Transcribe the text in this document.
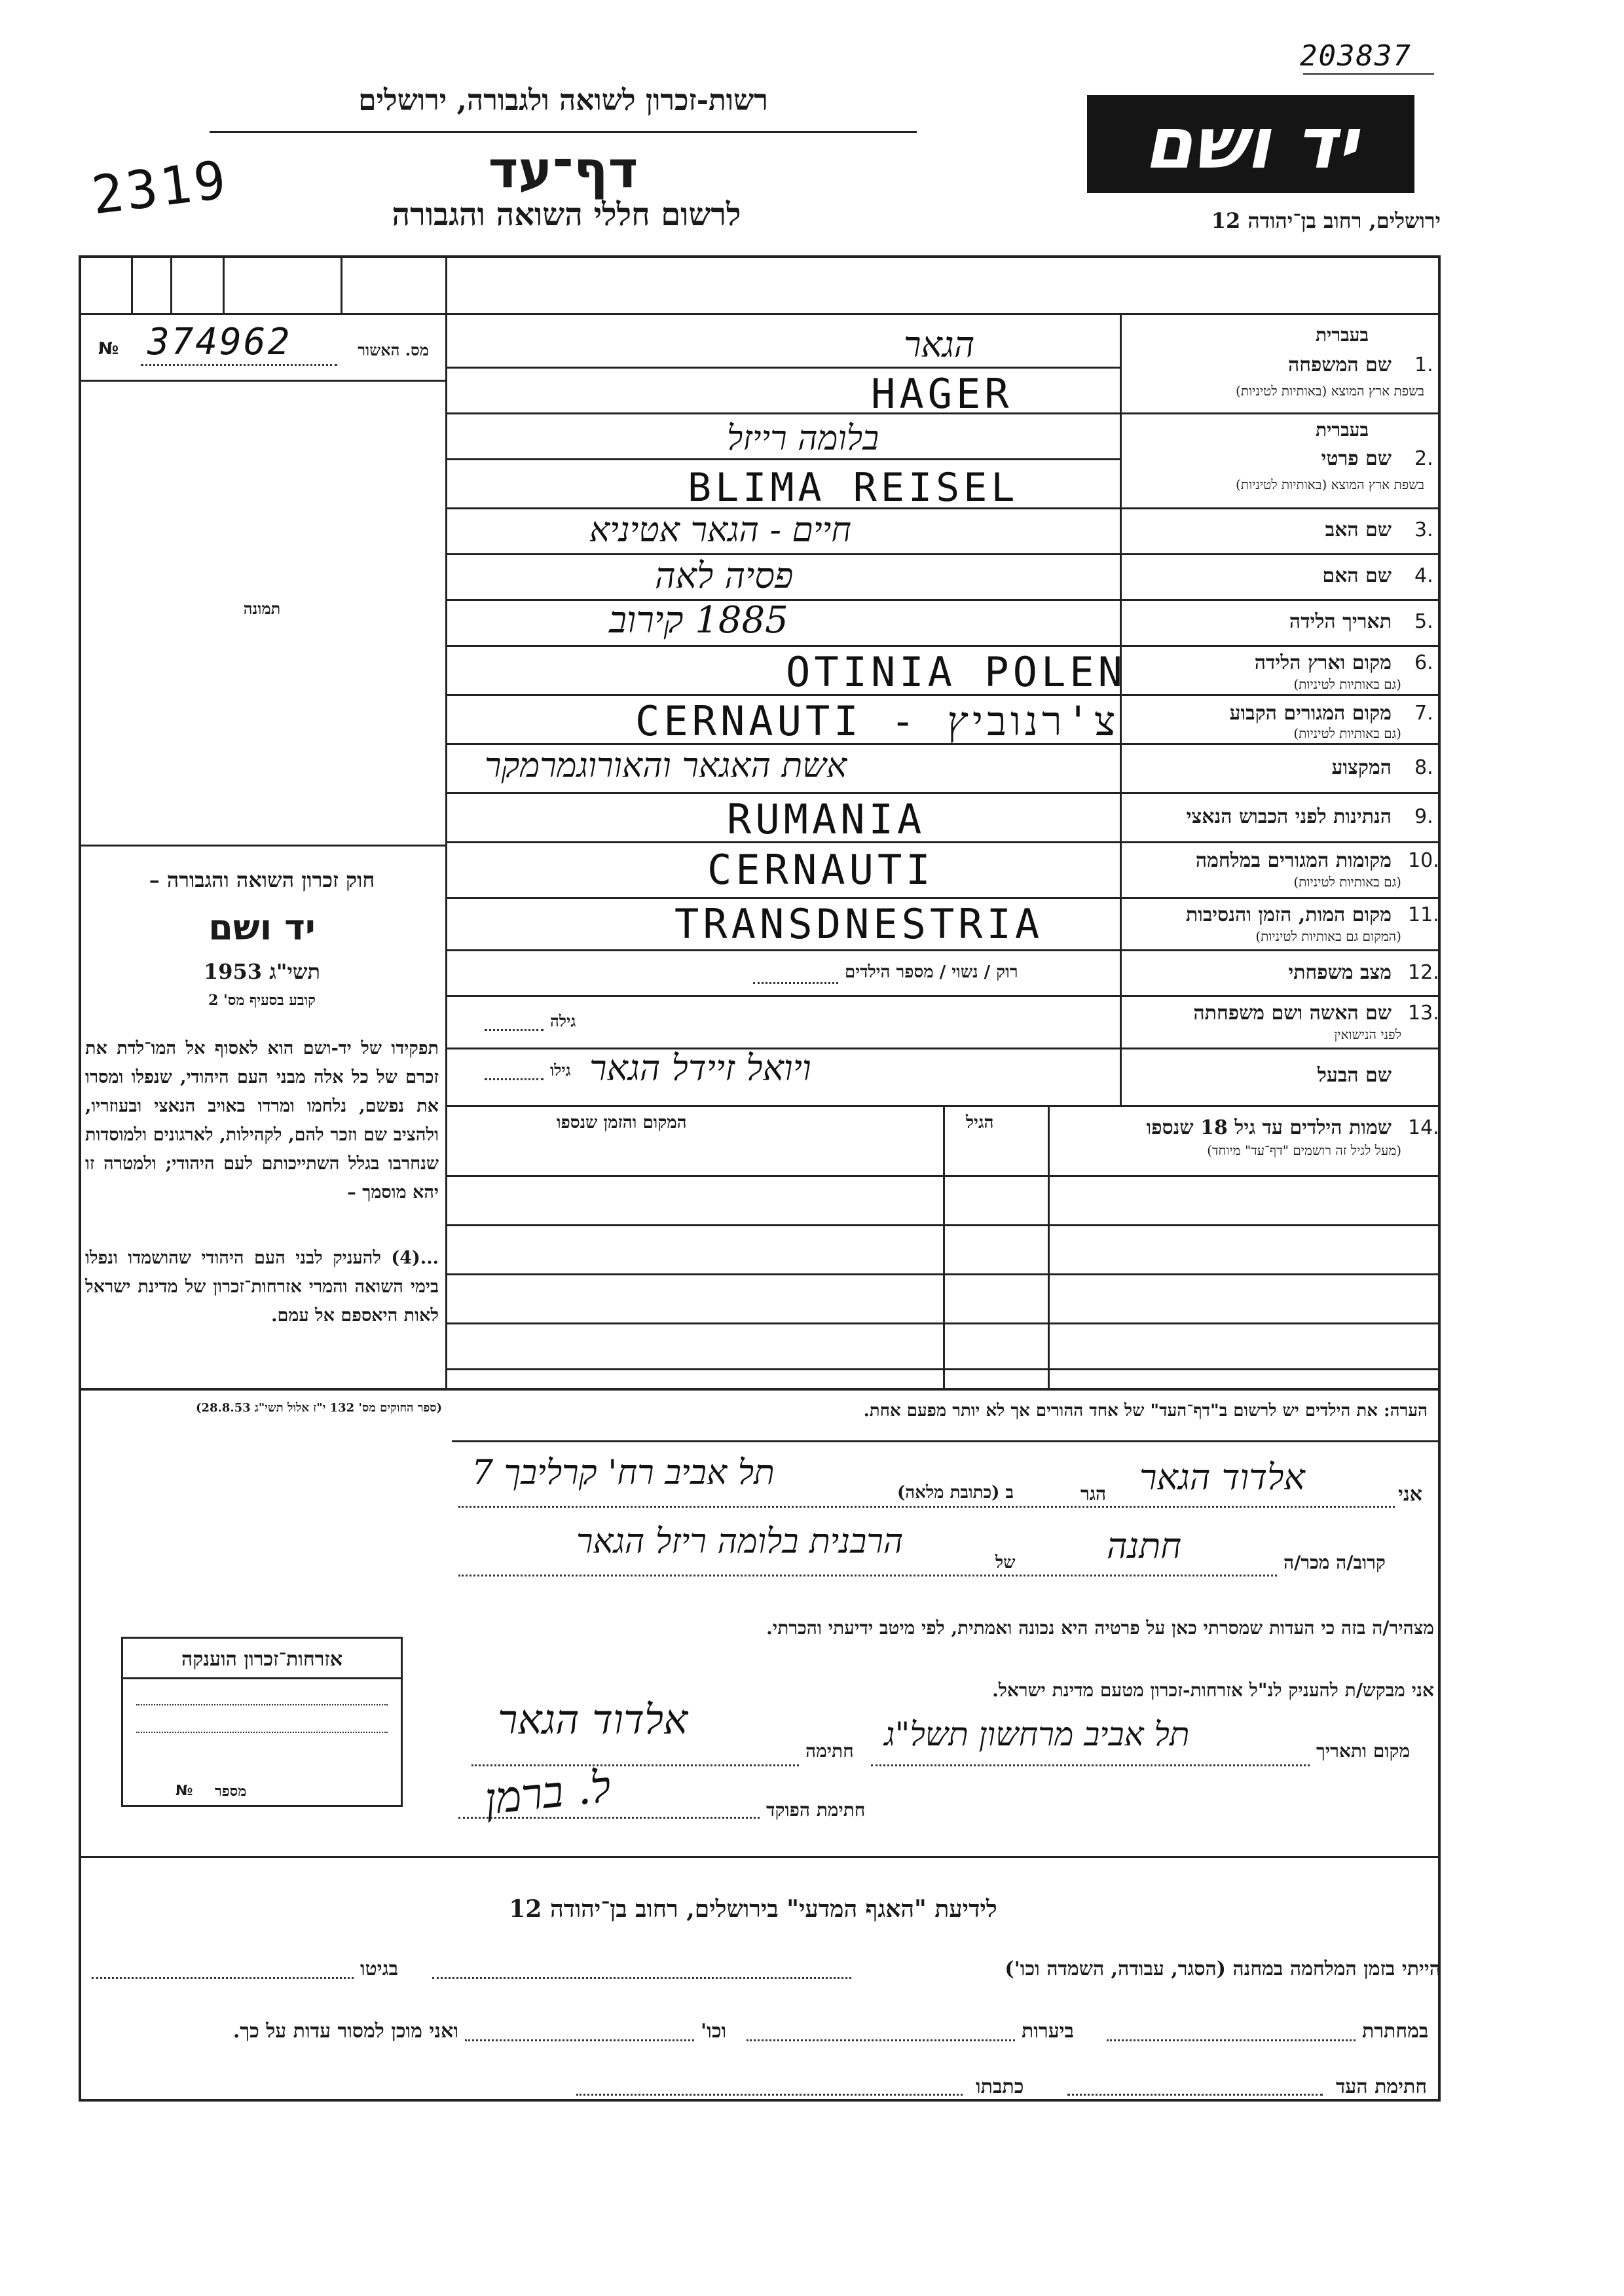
203837
2319
יד ושם
רשות-זכרון לשואה ולגבורה, ירושלים
דף־עד
לרשום חללי השואה והגבורה	ירושלים, רחוב בן־יהודה 12
№ 374962	מס. האשור
תמונה
חוק זכרון השואה והגבורה –
יד ושם
תשי"ג 1953
קובע בסעיף מס' 2
תפקידו של יד-ושם הוא לאסוף אל המו־לדת את זכרם של כל אלה מבני העם היהודי, שנפלו ומסרו את נפשם, נלחמו ומרדו באויב הנאצי ובעוזריו, ולהציב שם וזכר להם, לקהילות, לארגונים ולמוסדות שנחרבו בגלל השתייכותם לעם היהודי; ולמטרה זו יהא מוסמך –
...(4) להעניק לבני העם היהודי שהושמדו ונפלו בימי השואה והמרי אזרחות־זכרון של מדינת ישראל לאות היאספם אל עמם.
(ספר החוקים מס' 132 י"ז אלול תשי"ג 28.8.53)
בעברית
שם המשפחה 1.
בשפת ארץ המוצא (באותיות לטיניות)
הגאר
HAGER
בעברית
שם פרטי 2.
בשפת ארץ המוצא (באותיות לטיניות)
בלומה רייזל
BLIMA REISEL
שם האב 3.
חיים - הגאר אטיניא
שם האם 4.
פסיה לאה
תאריך הלידה 5.
1885 קירוב
מקום וארץ הלידה 6.
(גם באותיות לטיניות)
OTINIA POLEN
מקום המגורים הקבוע 7.
(גם באותיות לטיניות)
CERNAUTI - צ'רנוביץ
המקצוע 8.
אשת האגאר והאורוגמרמקר
הנתינות לפני הכבוש הנאצי 9.
RUMANIA
מקומות המגורים במלחמה 10.
(גם באותיות לטיניות)
CERNAUTI
מקום המות, הזמן והנסיבות 11.
(המקום גם באותיות לטיניות)
TRANSDNESTRIA
מצב משפחתי 12.
רוק / נשוי / מספר הילדים
שם האשה ושם משפחתה 13.
לפני הנישואין
גילה
שם הבעל
גילו ויואל זיידל הגאר
שמות הילדים עד גיל 18 שנספו 14.
(מעל לגיל זה רושמים "דף־עד" מיוחד)
הגיל
המקום והזמן שנספו
הערה: את הילדים יש לרשום ב"דף־העד" של אחד ההורים אך לא יותר מפעם אחת.
אני
אלדוד הגאר
הגר
ב (כתובת מלאה)
תל אביב רח' קרליבך 7
קרוב/ה מכר/ה
חתנה
של
הרבנית בלומה ריזל הגאר
מצהיר/ה בזה כי העדות שמסרתי כאן על פרטיה היא נכונה ואמתית, לפי מיטב ידיעתי והכרתי.
אני מבקש/ת להעניק לנ"ל אזרחות-זכרון מטעם מדינת ישראל.
מקום ותאריך
תל אביב מרחשון תשל"ג
חתימה
אלדוד הגאר
חתימת הפוקד
ל. ברמן
אזרחות־זכרון הוענקה
№ מספר
לידיעת "האגף המדעי" בירושלים, רחוב בן־יהודה 12
הייתי בזמן המלחמה במחנה (הסגר, עבודה, השמדה וכו')
בגיטו
במחתרת
ביערות
וכו'
ואני מוכן למסור עדות על כך.
חתימת העד
כתבתו
